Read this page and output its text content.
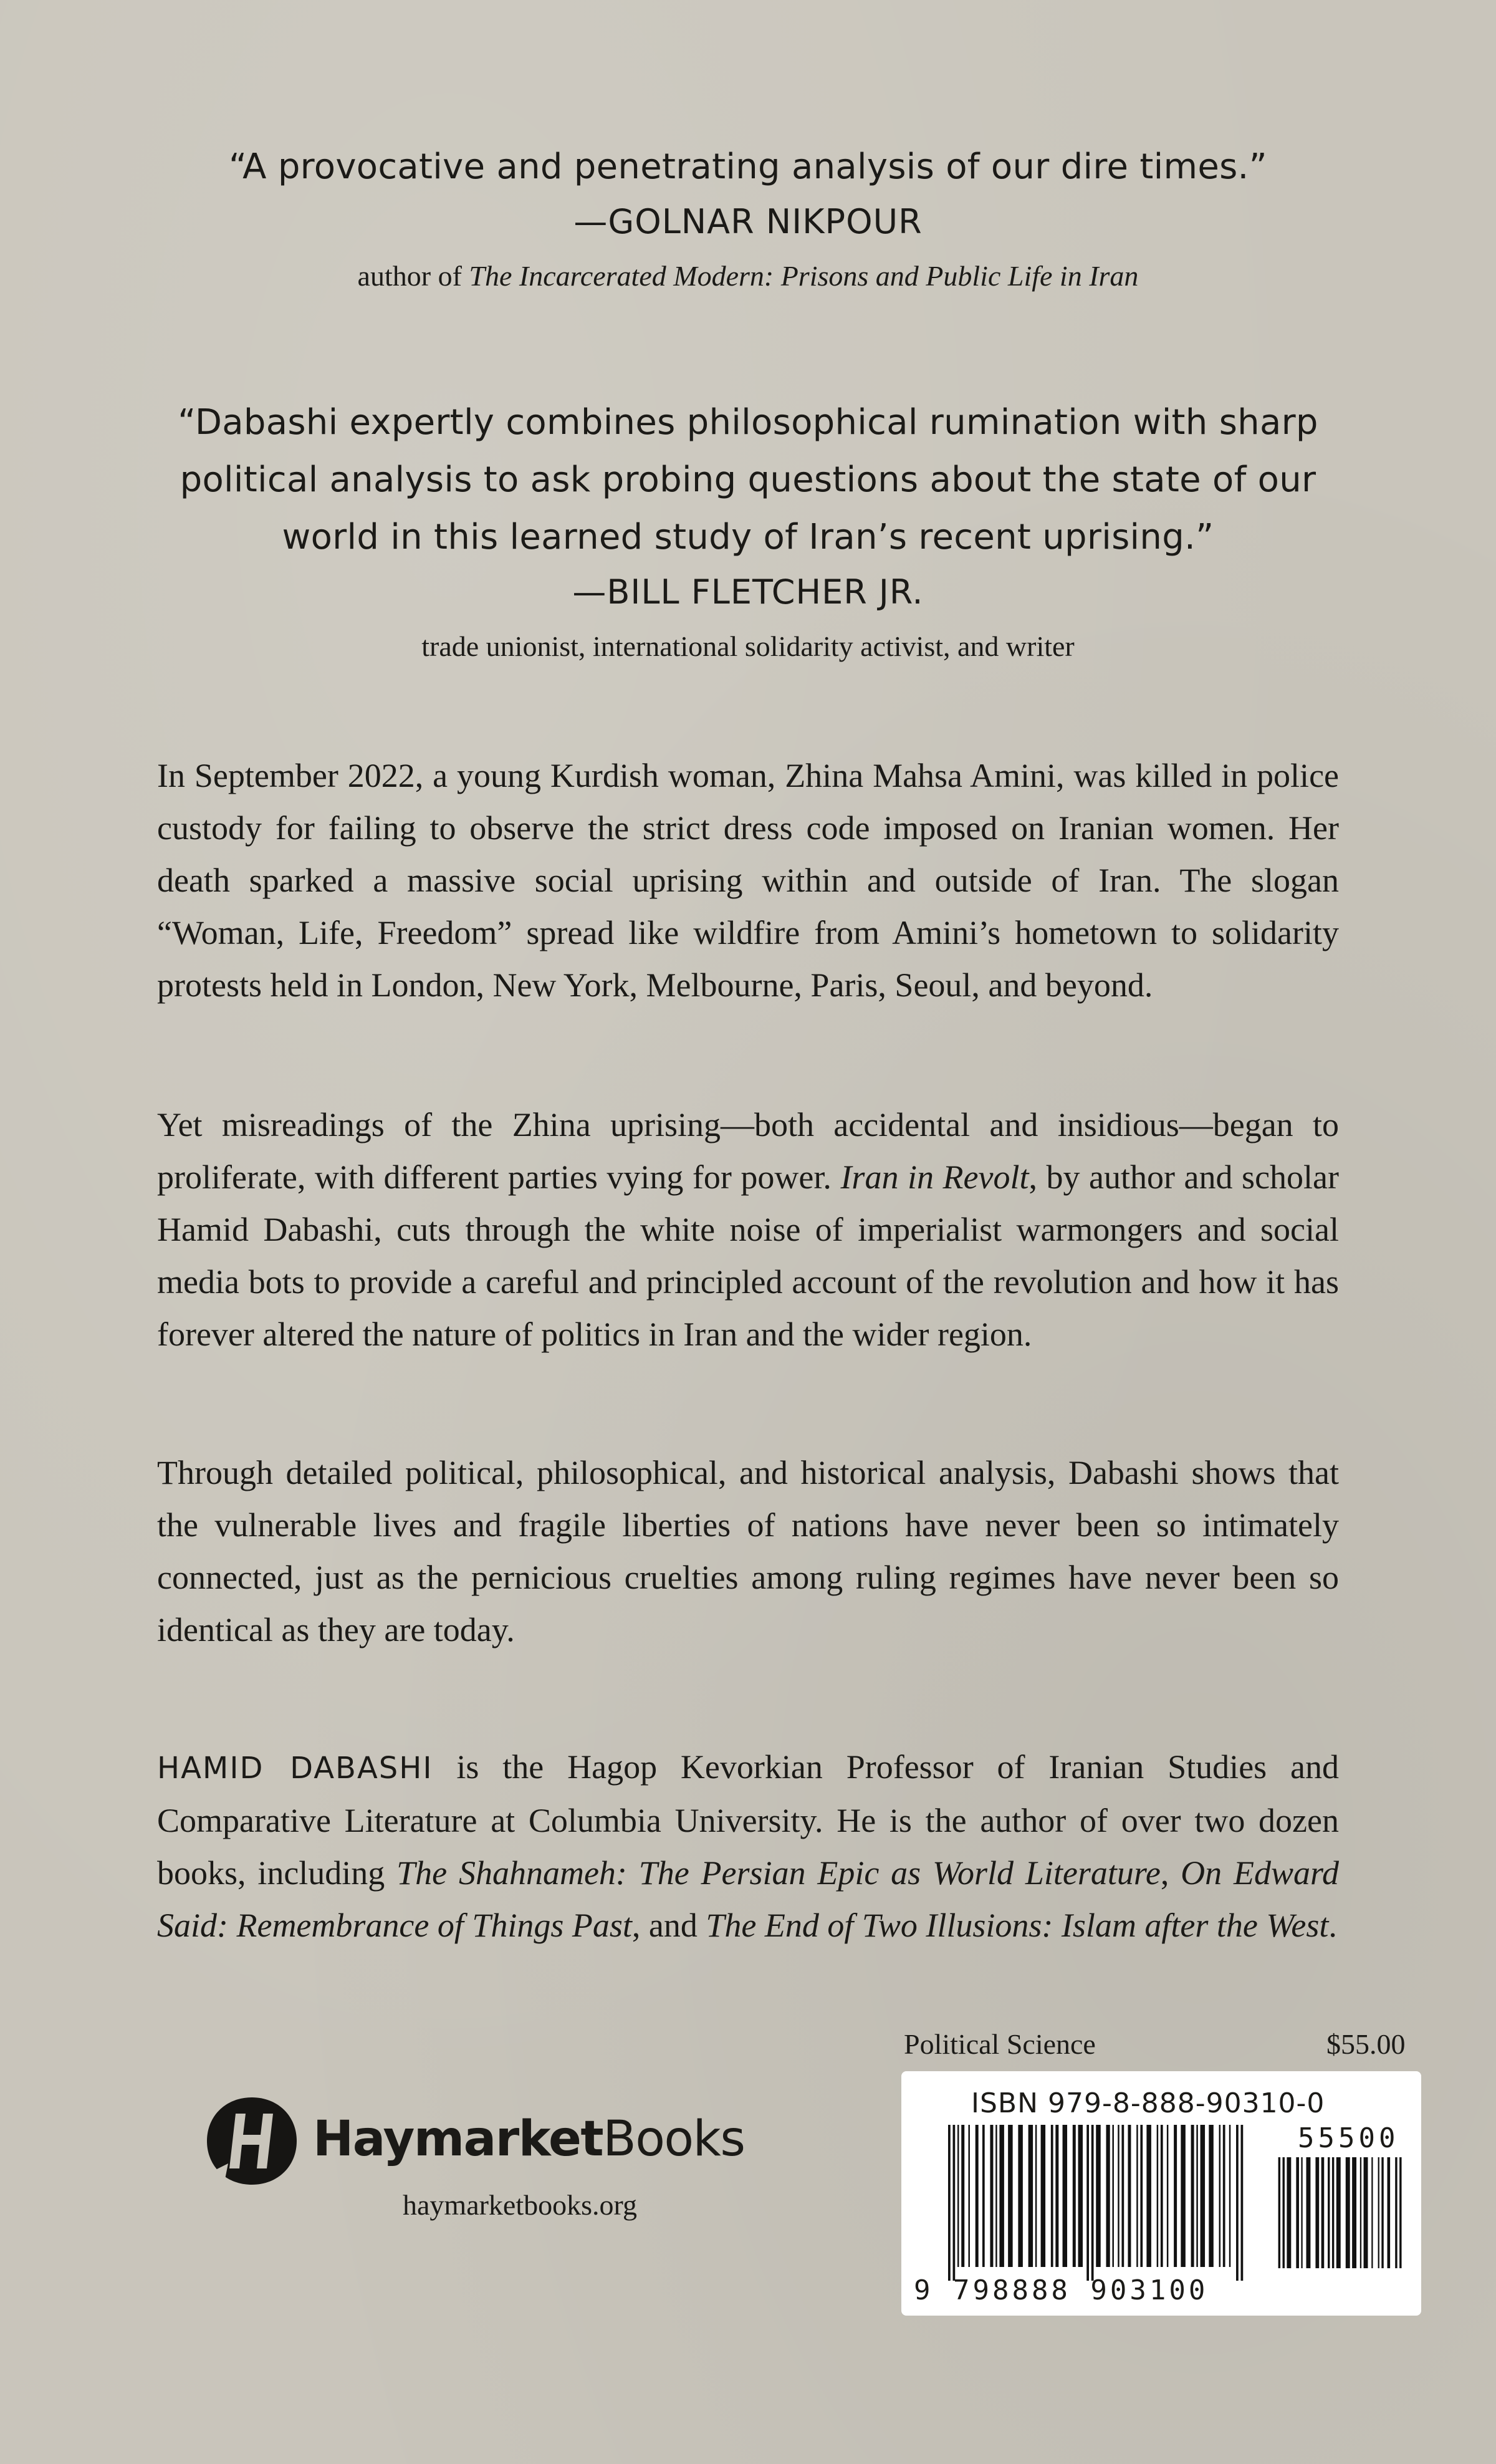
“A provocative and penetrating analysis of our dire times.”
—GOLNAR NIKPOUR
author of The Incarcerated Modern: Prisons and Public Life in Iran
“Dabashi expertly combines philosophical rumination with sharp
political analysis to ask probing questions about the state of our
world in this learned study of Iran’s recent uprising.”
—BILL FLETCHER JR.
trade unionist, international solidarity activist, and writer
In September 2022, a young Kurdish woman, Zhina Mahsa Amini, was killed in police custody for failing to observe the strict dress code imposed on Iranian women. Her death sparked a massive social uprising within and outside of Iran. The slogan “Woman, Life, Freedom” spread like wildfire from Amini’s hometown to solidarity protests held in London, New York, Melbourne, Paris, Seoul, and beyond.
Yet misreadings of the Zhina uprising—both accidental and insidious—began to proliferate, with different parties vying for power. Iran in Revolt, by author and scholar Hamid Dabashi, cuts through the white noise of imperialist warmongers and social media bots to provide a careful and principled account of the revolution and how it has forever altered the nature of politics in Iran and the wider region.
Through detailed political, philosophical, and historical analysis, Dabashi shows that the vulnerable lives and fragile liberties of nations have never been so intimately connected, just as the pernicious cruelties among ruling regimes have never been so identical as they are today.
HAMID DABASHI is the Hagop Kevorkian Professor of Iranian Studies and Comparative Literature at Columbia University. He is the author of over two dozen books, including The Shahnameh: The Persian Epic as World Literature, On Edward Said: Remembrance of Things Past, and The End of Two Illusions: Islam after the West.
Political Science	$55.00
ISBN 979-8-888-90310-0
55500
9 798888 903100
HaymarketBooks
haymarketbooks.org
